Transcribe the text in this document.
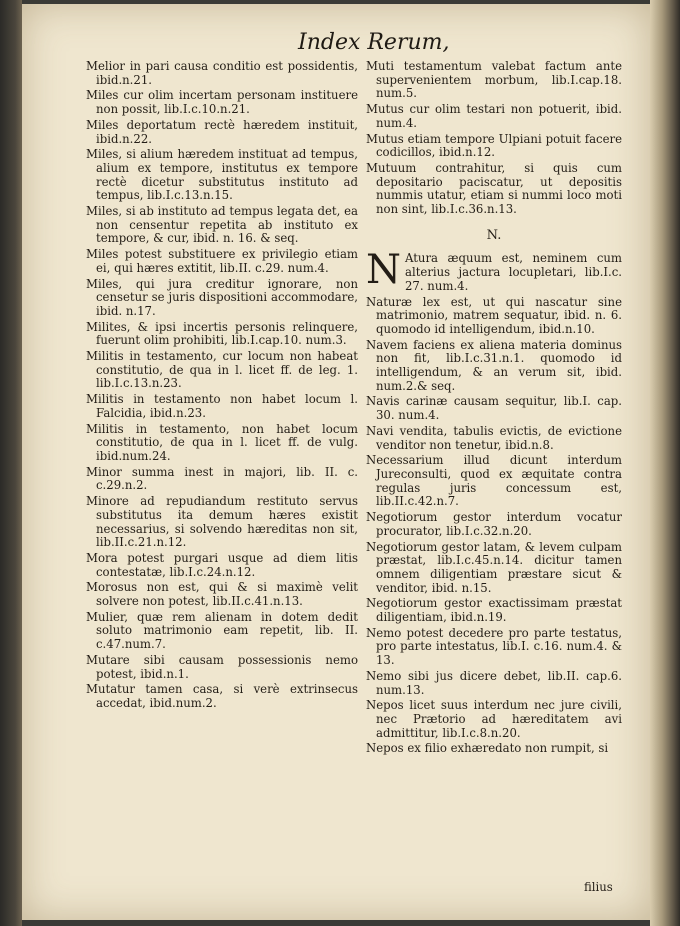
Index Rerum,

Melior in pari causa conditio est possidentis, ibid.n.21.

Miles cur olim incertam personam instituere non possit, lib.I.c.10.n.21.

Miles deportatum rectè hæredem instituit, ibid.n.22.

Miles, si alium hæredem instituat ad tempus, alium ex tempore, institutus ex tempore rectè dicetur substitutus instituto ad tempus, lib.I.c.13.n.15.

Miles, si ab instituto ad tempus legata det, ea non censentur repetita ab instituto ex tempore, & cur, ibid. n. 16. & seq.

Miles potest substituere ex privilegio etiam ei, qui hæres extitit, lib.II. c.29. num.4.

Miles, qui jura creditur ignorare, non censetur se juris dispositioni accommodare, ibid. n.17.

Milites, & ipsi incertis personis relinquere, fuerunt olim prohibiti, lib.I.cap.10. num.3.

Militis in testamento, cur locum non habeat constitutio, de qua in l. licet ff. de leg. 1. lib.I.c.13.n.23.

Militis in testamento non habet locum l. Falcidia, ibid.n.23.

Militis in testamento, non habet locum constitutio, de qua in l. licet ff. de vulg. ibid.num.24.

Minor summa inest in majori, lib. II. c. c.29.n.2.

Minore ad repudiandum restituto servus substitutus ita demum hæres existit necessarius, si solvendo hæreditas non sit, lib.II.c.21.n.12.

Mora potest purgari usque ad diem litis contestatæ, lib.I.c.24.n.12.

Morosus non est, qui & si maximè velit solvere non potest, lib.II.c.41.n.13.

Mulier, quæ rem alienam in dotem dedit soluto matrimonio eam repetit, lib. II. c.47.num.7.

Mutare sibi causam possessionis nemo potest, ibid.n.1.

Mutatur tamen casa, si verè extrinsecus accedat, ibid.num.2.

Muti testamentum valebat factum ante supervenientem morbum, lib.I.cap.18. num.5.

Mutus cur olim testari non potuerit, ibid. num.4.

Mutus etiam tempore Ulpiani potuit facere codicillos, ibid.n.12.

Mutuum contrahitur, si quis cum depositario paciscatur, ut depositis nummis utatur, etiam si nummi loco moti non sint, lib.I.c.36.n.13.

N.

N Atura æquum est, neminem cum alterius jactura locupletari, lib.I.c. 27. num.4.

Naturæ lex est, ut qui nascatur sine matrimonio, matrem sequatur, ibid. n. 6. quomodo id intelligendum, ibid.n.10.

Navem faciens ex aliena materia dominus non fit, lib.I.c.31.n.1. quomodo id intelligendum, & an verum sit, ibid. num.2.& seq.

Navis carinæ causam sequitur, lib.I. cap. 30. num.4.

Navi vendita, tabulis evictis, de evictione venditor non tenetur, ibid.n.8.

Necessarium illud dicunt interdum Jureconsulti, quod ex æquitate contra regulas juris concessum est, lib.II.c.42.n.7.

Negotiorum gestor interdum vocatur procurator, lib.I.c.32.n.20.

Negotiorum gestor latam, & levem culpam præstat, lib.I.c.45.n.14. dicitur tamen omnem diligentiam præstare sicut & venditor, ibid. n.15.

Negotiorum gestor exactissimam præstat diligentiam, ibid.n.19.

Nemo potest decedere pro parte testatus, pro parte intestatus, lib.I. c.16. num.4. & 13.

Nemo sibi jus dicere debet, lib.II. cap.6. num.13.

Nepos licet suus interdum nec jure civili, nec Prætorio ad hæreditatem avi admittitur, lib.I.c.8.n.20.

Nepos ex filio exhæredato non rumpit, si

filius
